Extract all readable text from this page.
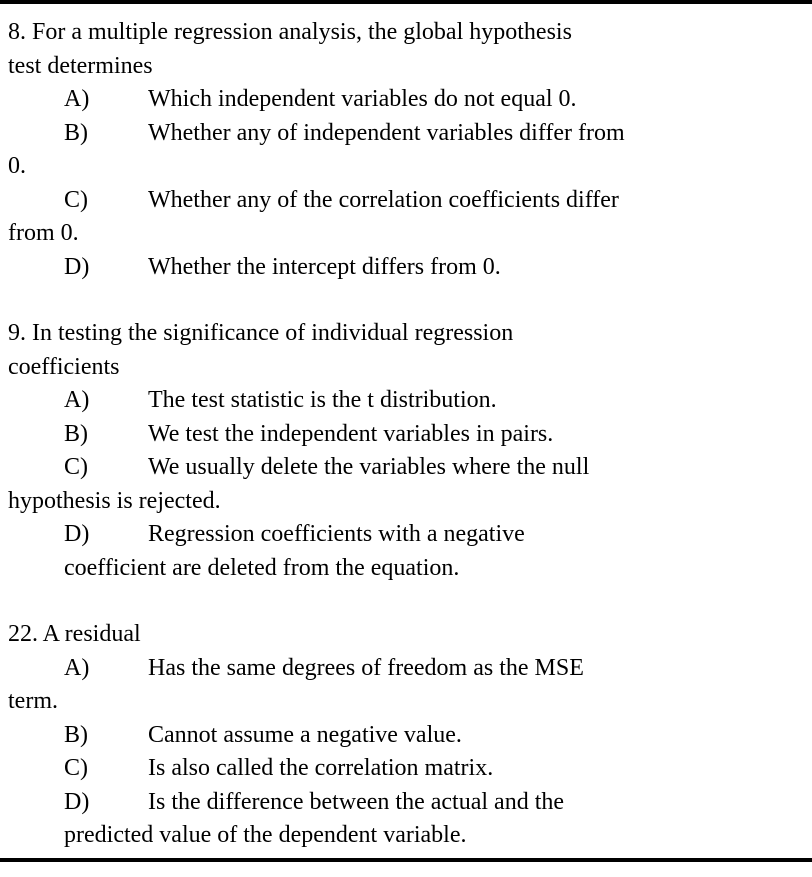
8. For a multiple regression analysis, the global hypothesis
test determines
A) Which independent variables do not equal 0.
B)	Whether any of independent variables differ from
0.
C)	Whether any of the correlation coefficients differ
from 0.
D) Whether the intercept differs from 0.
9. In testing the significance of individual regression
coefficients
A) The test statistic is the t distribution.
B)	We test the independent variables in pairs.
C)	We usually delete the variables where the null
hypothesis is rejected.
D) Regression coefficients with a negative
coefficient are deleted from the equation.
22. A residual
A) Has the same degrees of freedom as the MSE
term.
B)	Cannot assume a negative value.
C)	Is also called the correlation matrix.
D) Is the difference between the actual and the
predicted value of the dependent variable.
